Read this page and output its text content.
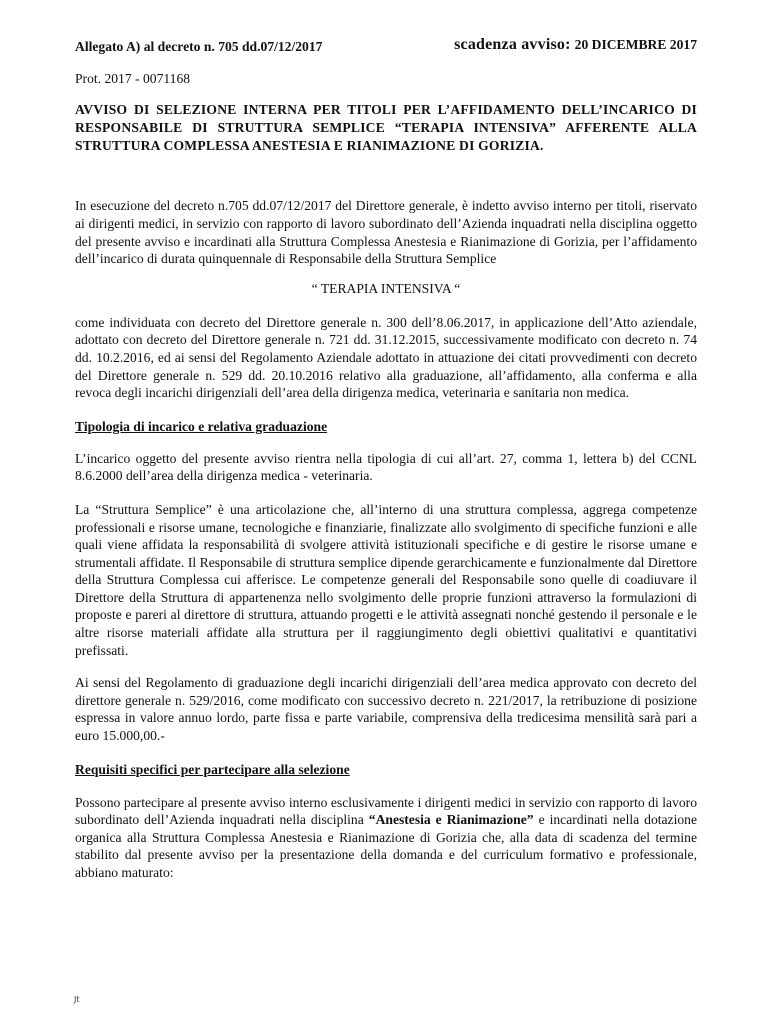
Allegato A) al decreto n. 705 dd.07/12/2017	scadenza avviso: 20 DICEMBRE 2017
Prot. 2017 - 0071168
AVVISO DI SELEZIONE INTERNA PER TITOLI PER L’AFFIDAMENTO DELL’INCARICO DI RESPONSABILE DI STRUTTURA SEMPLICE “TERAPIA INTENSIVA” AFFERENTE ALLA STRUTTURA COMPLESSA ANESTESIA E RIANIMAZIONE DI GORIZIA.
In esecuzione del decreto n.705 dd.07/12/2017 del Direttore generale, è indetto avviso interno per titoli, riservato ai dirigenti medici, in servizio con rapporto di lavoro subordinato dell’Azienda inquadrati nella disciplina oggetto del presente avviso e incardinati alla Struttura Complessa Anestesia e Rianimazione di Gorizia, per l’affidamento dell’incarico di durata quinquennale di Responsabile della Struttura Semplice
“ TERAPIA INTENSIVA “
come individuata con decreto del Direttore generale n. 300 dell’8.06.2017, in applicazione dell’Atto aziendale, adottato con decreto del Direttore generale n. 721 dd. 31.12.2015, successivamente modificato con decreto n. 74 dd. 10.2.2016, ed ai sensi del Regolamento Aziendale adottato in attuazione dei citati provvedimenti con decreto del Direttore generale n. 529 dd. 20.10.2016 relativo alla graduazione, all’affidamento, alla conferma e alla revoca degli incarichi dirigenziali dell’area della dirigenza medica, veterinaria e sanitaria non medica.
Tipologia di incarico e relativa graduazione
L’incarico oggetto del presente avviso rientra nella tipologia di cui all’art. 27, comma 1, lettera b) del CCNL 8.6.2000 dell’area della dirigenza medica - veterinaria.
La “Struttura Semplice” è una articolazione che, all’interno di una struttura complessa, aggrega competenze professionali e risorse umane, tecnologiche e finanziarie, finalizzate allo svolgimento di specifiche funzioni e alle quali viene affidata la responsabilità di svolgere attività istituzionali specifiche e di gestire le risorse umane e strumentali affidate. Il Responsabile di struttura semplice dipende gerarchicamente e funzionalmente dal Direttore della Struttura Complessa cui afferisce. Le competenze generali del Responsabile sono quelle di coadiuvare il Direttore della Struttura di appartenenza nello svolgimento delle proprie funzioni attraverso la formulazioni di proposte e pareri al direttore di struttura, attuando progetti e le attività assegnati nonché gestendo il personale e le altre risorse materiali affidate alla struttura per il raggiungimento degli obiettivi qualitativi e quantitativi prefissati.
Ai sensi del Regolamento di graduazione degli incarichi dirigenziali dell’area medica approvato con decreto del direttore generale n. 529/2016, come modificato con successivo decreto n. 221/2017, la retribuzione di posizione espressa in valore annuo lordo, parte fissa e parte variabile, comprensiva della tredicesima mensilità sarà pari a euro 15.000,00.-
Requisiti specifici per partecipare alla selezione
Possono partecipare al presente avviso interno esclusivamente i dirigenti medici in servizio con rapporto di lavoro subordinato dell’Azienda inquadrati nella disciplina “Anestesia e Rianimazione” e incardinati nella dotazione organica alla Struttura Complessa Anestesia e Rianimazione di Gorizia che, alla data di scadenza del termine stabilito dal presente avviso per la presentazione della domanda e del curriculum formativo e professionale, abbiano maturato:
Jt
